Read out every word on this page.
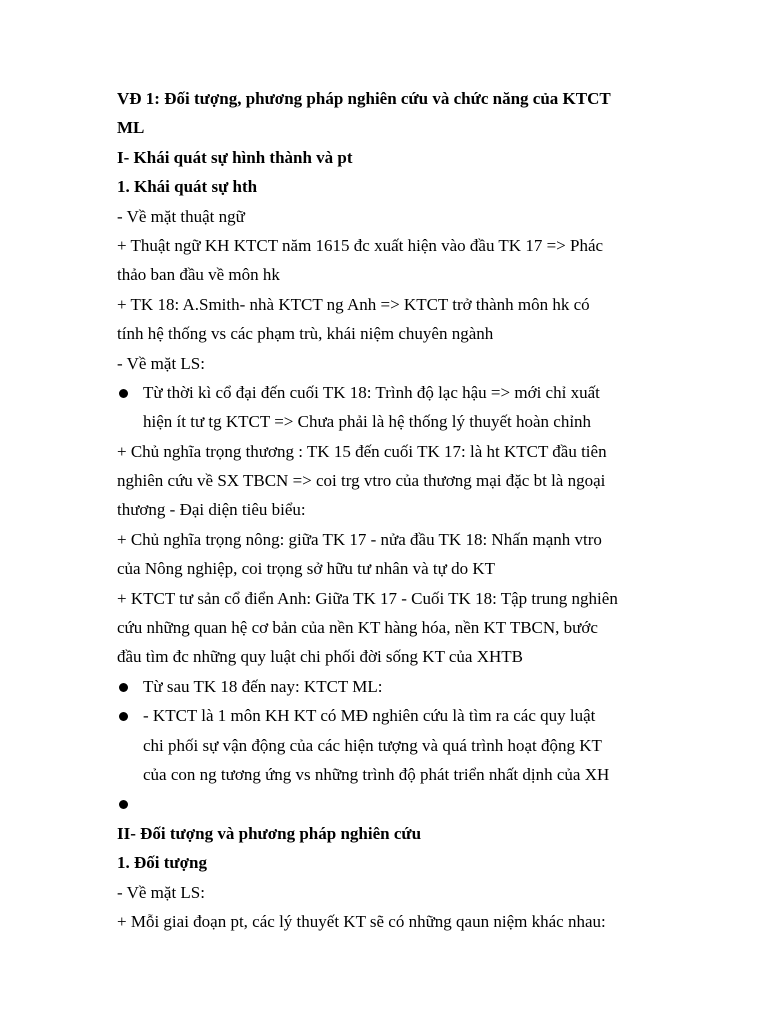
VĐ 1: Đối tượng, phương pháp nghiên cứu và chức năng của KTCT
ML
I- Khái quát sự hình thành và pt
1. Khái quát sự hth
- Về mặt thuật ngữ
+ Thuật ngữ KH KTCT năm 1615 đc xuất hiện vào đầu TK 17 => Phác
thảo ban đầu về môn hk
+ TK 18: A.Smith- nhà KTCT ng Anh => KTCT trở thành môn hk có
tính hệ thống vs các phạm trù, khái niệm chuyên ngành
- Về mặt LS:
Từ thời kì cổ đại đến cuối TK 18: Trình độ lạc hậu => mới chỉ xuất
hiện ít tư tg KTCT => Chưa phải là hệ thống lý thuyết hoàn chỉnh
+ Chủ nghĩa trọng thương : TK 15 đến cuối TK 17: là ht KTCT đầu tiên
nghiên cứu về SX TBCN => coi trg vtro của thương mại đặc bt là ngoại
thương - Đại diện tiêu biểu:
+ Chủ nghĩa trọng nông: giữa TK 17 - nửa đầu TK 18: Nhấn mạnh vtro
của Nông nghiệp, coi trọng sở hữu tư nhân và tự do KT
+ KTCT tư sản cổ điển Anh: Giữa TK 17 - Cuối TK 18: Tập trung nghiên
cứu những quan hệ cơ bản của nền KT hàng hóa, nền KT TBCN, bước
đầu tìm đc những quy luật chi phối đời sống KT của XHTB
Từ sau TK 18 đến nay: KTCT ML:
- KTCT là 1 môn KH KT có MĐ nghiên cứu là tìm ra các quy luật
chi phối sự vận động của các hiện tượng và quá trình hoạt động KT
của con ng tương ứng vs những trình độ phát triển nhất dịnh của XH
II- Đối tượng và phương pháp nghiên cứu
1. Đối tượng
- Về mặt LS:
+ Mỗi giai đoạn pt, các lý thuyết KT sẽ có những qaun niệm khác nhau:
